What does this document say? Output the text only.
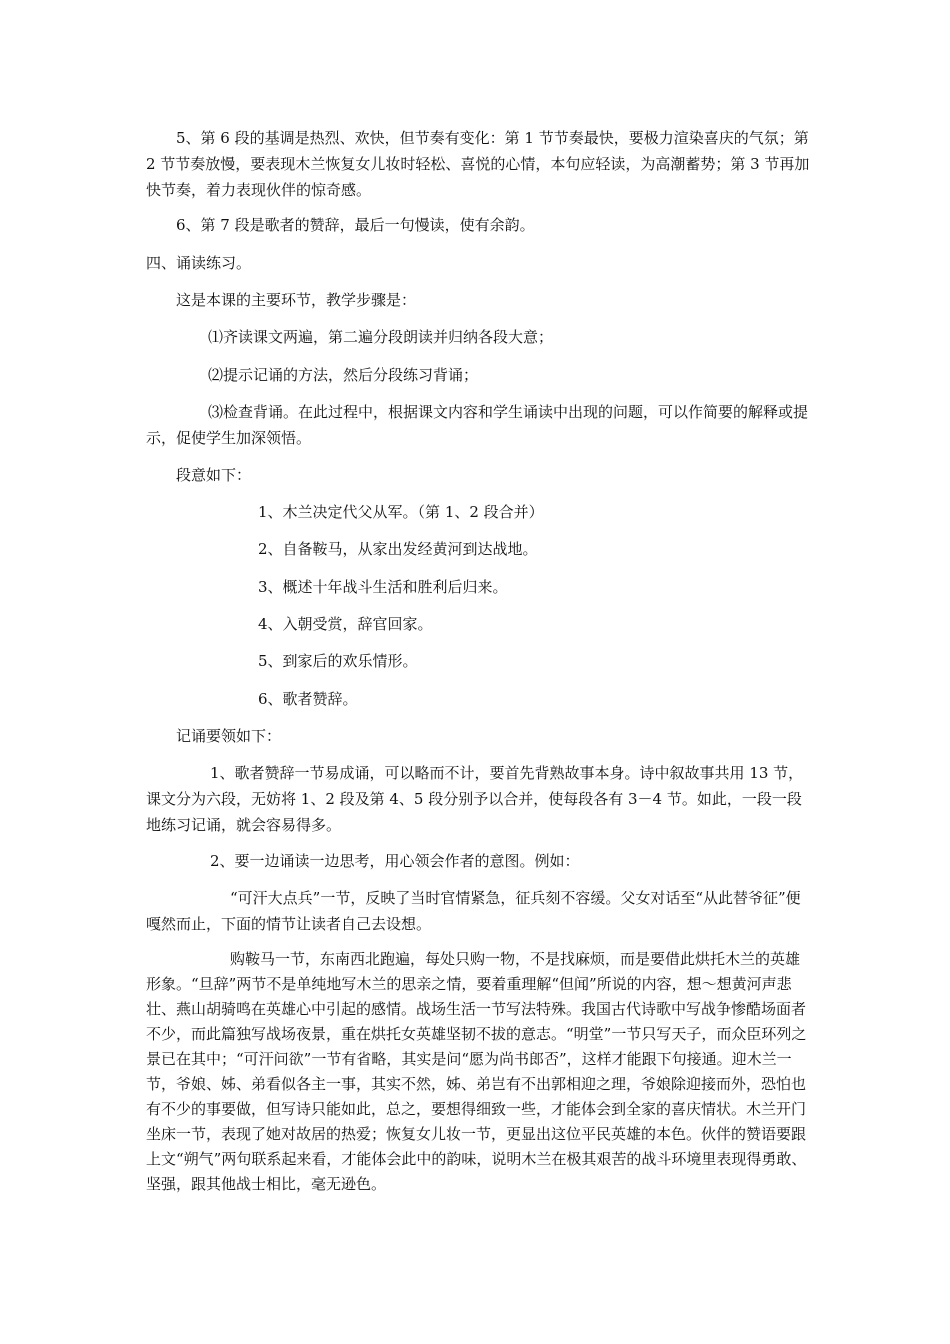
5、第 6 段的基调是热烈、欢快，但节奏有变化：第 1 节节奏最快，要极力渲染喜庆的气氛；第 2 节节奏放慢，要表现木兰恢复女儿妆时轻松、喜悦的心情，本句应轻读，为高潮蓄势；第 3 节再加快节奏，着力表现伙伴的惊奇感。

6、第 7 段是歌者的赞辞，最后一句慢读，使有余韵。

四、诵读练习。

这是本课的主要环节，教学步骤是：

⑴齐读课文两遍，第二遍分段朗读并归纳各段大意；

⑵提示记诵的方法，然后分段练习背诵；

⑶检查背诵。在此过程中，根据课文内容和学生诵读中出现的问题，可以作简要的解释或提示，促使学生加深领悟。

段意如下：

1、木兰决定代父从军。（第 1、2 段合并）

2、自备鞍马，从家出发经黄河到达战地。

3、概述十年战斗生活和胜利后归来。

4、入朝受赏，辞官回家。

5、到家后的欢乐情形。

6、歌者赞辞。

记诵要领如下：

1、歌者赞辞一节易成诵，可以略而不计，要首先背熟故事本身。诗中叙故事共用 13 节，课文分为六段，无妨将 1、2 段及第 4、5 段分别予以合并，使每段各有 3－4 节。如此，一段一段地练习记诵，就会容易得多。

2、要一边诵读一边思考，用心领会作者的意图。例如：

“可汗大点兵”一节，反映了当时官情紧急，征兵刻不容缓。父女对话至“从此替爷征”便嘎然而止，下面的情节让读者自己去设想。

购鞍马一节，东南西北跑遍，每处只购一物，不是找麻烦，而是要借此烘托木兰的英雄形象。“旦辞”两节不是单纯地写木兰的思亲之情，要着重理解“但闻”所说的内容，想～想黄河声悲壮、燕山胡骑鸣在英雄心中引起的感情。战场生活一节写法特殊。我国古代诗歌中写战争惨酷场面者不少，而此篇独写战场夜景，重在烘托女英雄坚韧不拔的意志。“明堂”一节只写天子，而众臣环列之景已在其中；“可汗问欲”一节有省略，其实是问“愿为尚书郎否”，这样才能跟下句接通。迎木兰一节，爷娘、姊、弟看似各主一事，其实不然，姊、弟岂有不出郭相迎之理，爷娘除迎接而外，恐怕也有不少的事要做，但写诗只能如此，总之，要想得细致一些，才能体会到全家的喜庆情状。木兰开门坐床一节，表现了她对故居的热爱；恢复女儿妆一节，更显出这位平民英雄的本色。伙伴的赞语要跟上文“朔气”两句联系起来看，才能体会此中的韵味，说明木兰在极其艰苦的战斗环境里表现得勇敢、坚强，跟其他战士相比，毫无逊色。
